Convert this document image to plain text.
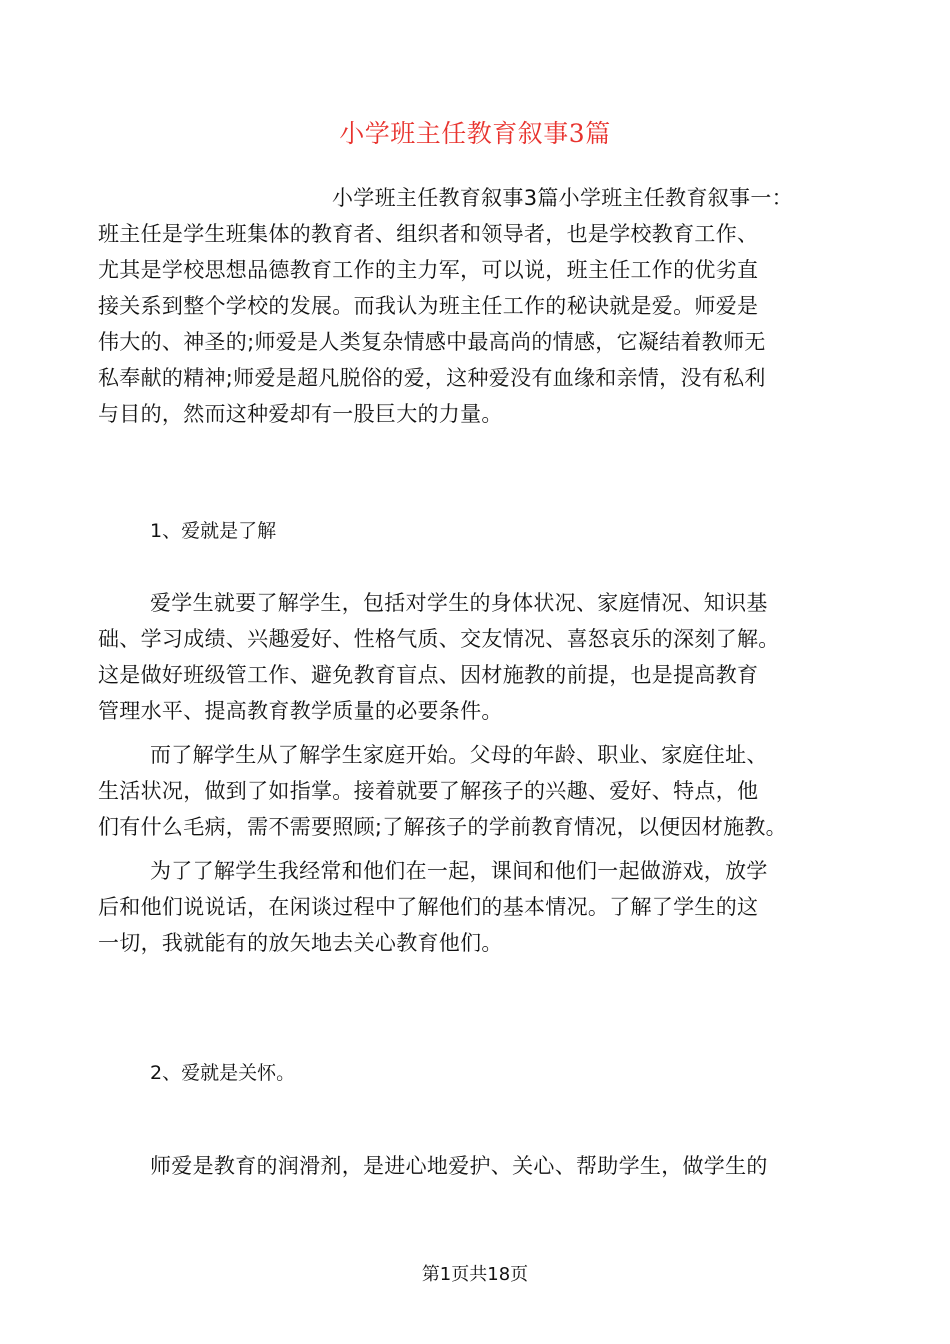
小学班主任教育叙事3篇
小学班主任教育叙事3篇小学班主任教育叙事一：
班主任是学生班集体的教育者、组织者和领导者，也是学校教育工作、
尤其是学校思想品德教育工作的主力军，可以说，班主任工作的优劣直
接关系到整个学校的发展。而我认为班主任工作的秘诀就是爱。师爱是
伟大的、神圣的;师爱是人类复杂情感中最高尚的情感，它凝结着教师无
私奉献的精神;师爱是超凡脱俗的爱，这种爱没有血缘和亲情，没有私利
与目的，然而这种爱却有一股巨大的力量。
1、爱就是了解
爱学生就要了解学生，包括对学生的身体状况、家庭情况、知识基
础、学习成绩、兴趣爱好、性格气质、交友情况、喜怒哀乐的深刻了解。
这是做好班级管工作、避免教育盲点、因材施教的前提，也是提高教育
管理水平、提高教育教学质量的必要条件。
而了解学生从了解学生家庭开始。父母的年龄、职业、家庭住址、
生活状况，做到了如指掌。接着就要了解孩子的兴趣、爱好、特点，他
们有什么毛病，需不需要照顾;了解孩子的学前教育情况，以便因材施教。
为了了解学生我经常和他们在一起，课间和他们一起做游戏，放学
后和他们说说话，在闲谈过程中了解他们的基本情况。了解了学生的这
一切，我就能有的放矢地去关心教育他们。
2、爱就是关怀。
师爱是教育的润滑剂，是进心地爱护、关心、帮助学生，做学生的
第1页共18页
